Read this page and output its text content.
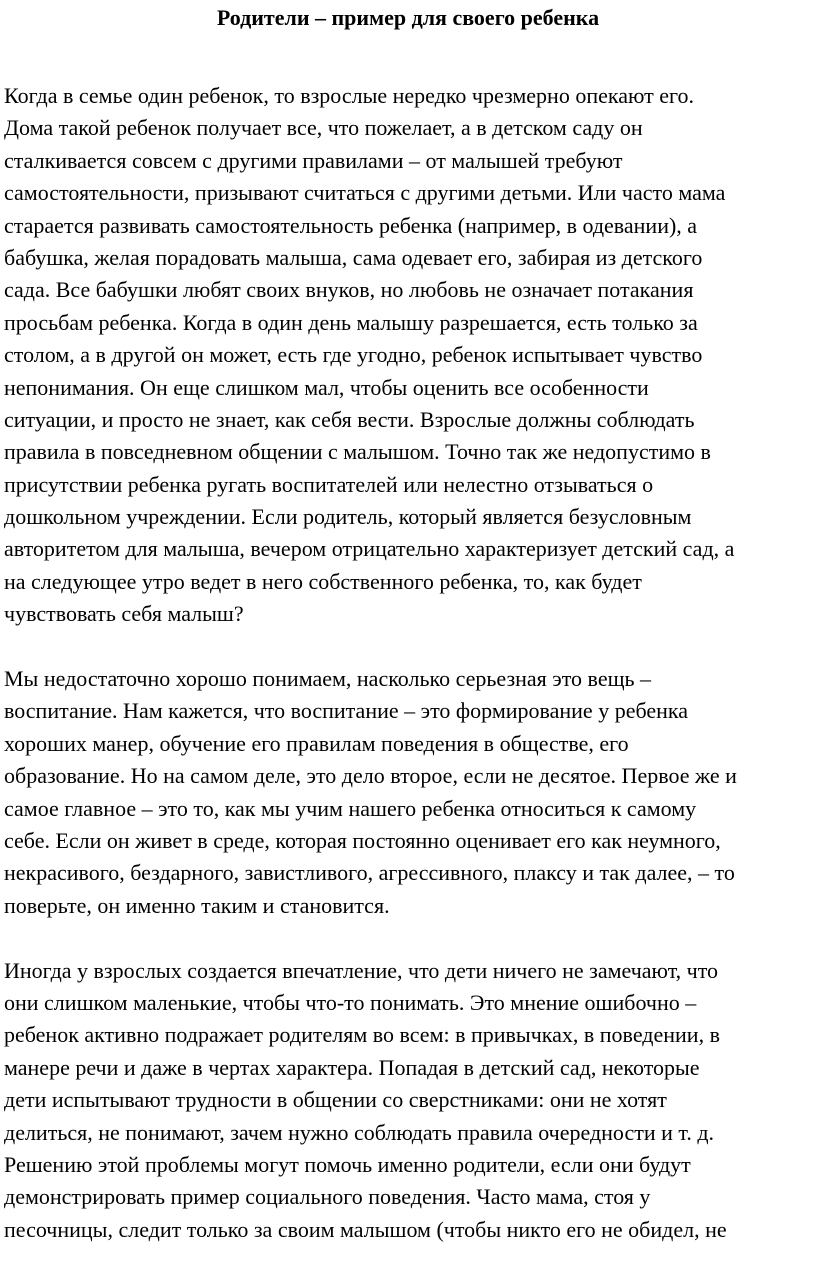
Родители – пример для своего ребенка
Когда в семье один ребенок, то взрослые нередко чрезмерно опекают его.
Дома такой ребенок получает все, что пожелает, а в детском саду он
сталкивается совсем с другими правилами – от малышей требуют
самостоятельности, призывают считаться с другими детьми. Или часто мама
старается развивать самостоятельность ребенка (например, в одевании), а
бабушка, желая порадовать малыша, сама одевает его, забирая из детского
сада. Все бабушки любят своих внуков, но любовь не означает потакания
просьбам ребенка. Когда в один день малышу разрешается, есть только за
столом, а в другой он может, есть где угодно, ребенок испытывает чувство
непонимания. Он еще слишком мал, чтобы оценить все особенности
ситуации, и просто не знает, как себя вести. Взрослые должны соблюдать
правила в повседневном общении с малышом. Точно так же недопустимо в
присутствии ребенка ругать воспитателей или нелестно отзываться о
дошкольном учреждении. Если родитель, который является безусловным
авторитетом для малыша, вечером отрицательно характеризует детский сад, а
на следующее утро ведет в него собственного ребенка, то, как будет
чувствовать себя малыш?
Мы недостаточно хорошо понимаем, насколько серьезная это вещь –
воспитание. Нам кажется, что воспитание – это формирование у ребенка
хороших манер, обучение его правилам поведения в обществе, его
образование. Но на самом деле, это дело второе, если не десятое. Первое же и
самое главное – это то, как мы учим нашего ребенка относиться к самому
себе. Если он живет в среде, которая постоянно оценивает его как неумного,
некрасивого, бездарного, завистливого, агрессивного, плаксу и так далее, – то
поверьте, он именно таким и становится.
Иногда у взрослых создается впечатление, что дети ничего не замечают, что
они слишком маленькие, чтобы что-то понимать. Это мнение ошибочно –
ребенок активно подражает родителям во всем: в привычках, в поведении, в
манере речи и даже в чертах характера. Попадая в детский сад, некоторые
дети испытывают трудности в общении со сверстниками: они не хотят
делиться, не понимают, зачем нужно соблюдать правила очередности и т. д.
Решению этой проблемы могут помочь именно родители, если они будут
демонстрировать пример социального поведения. Часто мама, стоя у
песочницы, следит только за своим малышом (чтобы никто его не обидел, не
